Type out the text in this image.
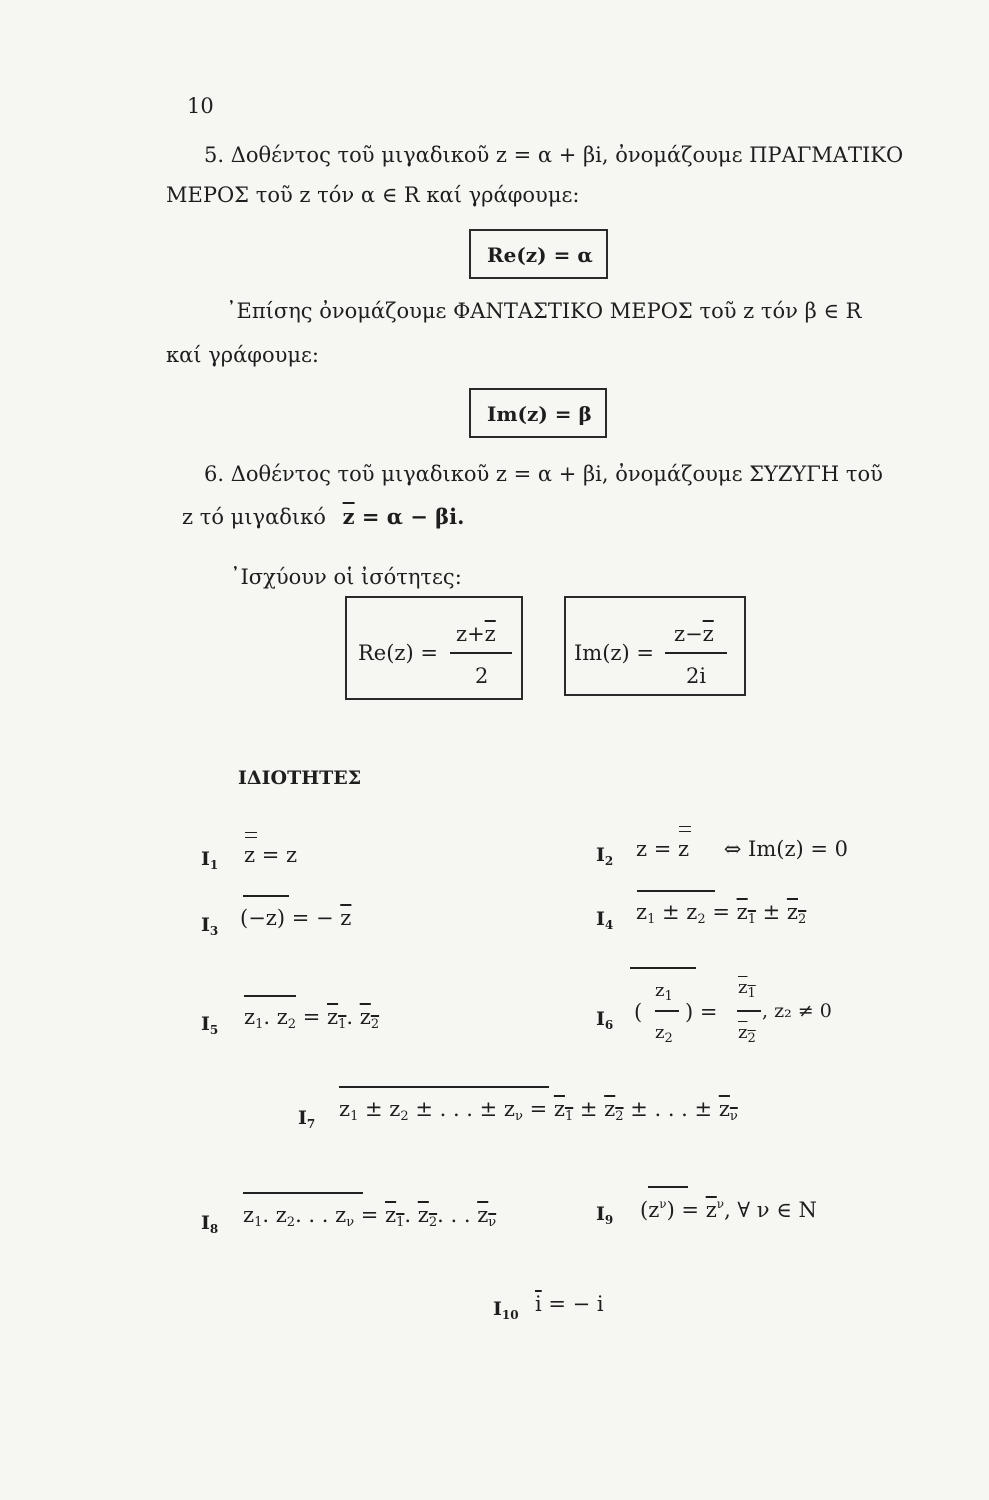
10
5. Δοθέντος τοῦ μιγαδικοῦ z = α + βi, ὀνομάζουμε ΠΡΑΓΜΑΤΙΚΟ
ΜΕΡΟΣ τοῦ z τόν α ∈ R καί γράφουμε:
Re(z) = α
᾿Επίσης ὀνομάζουμε ΦΑΝΤΑΣΤΙΚΟ ΜΕΡΟΣ τοῦ z τόν β ∈ R
καί γράφουμε:
Im(z) = β
6. Δοθέντος τοῦ μιγαδικοῦ z = α + βi, ὀνομάζουμε ΣΥΖΥΓΗ τοῦ
z τό μιγαδικό $\overline{z} = \alpha - \beta i$.
᾿Ισχύουν οἱ ἰσότητες:
Re(z) =
$z+\overline{z}$
2
Im(z) =
$z-\overline{z}$
2i
ΙΔΙΟΤΗΤΕΣ
$I_1$ z
= z	$I_2$ z = z ⇔ Im(z) = 0
$I_3$
(−z) = − $\overline{z}$	$I_4$
$z_1 \pm z_2 = z_1 \pm z_2$
$I_5$
$z_1$. $z_2 = z_1$. $z_2$	$I_6$
(
$z_1$
$z_2$
) =
$z_1$
$z_2$
, z₂ ≠ 0
$I_7$
$z_1 \pm z_2$ ± . . . ± $z_\nu = z_1 \pm z_2$ ± . . . ± $z_\nu$
$I_8$
$z_1$. $z_2$. . . $z_\nu = z_1$. $z_2$. . . $z_\nu$	$I_9$ $(z^\nu) = \overline{z}^\nu$, ∀ ν ∈ N
$I_{10}$ $\overline{i}$ = − i
